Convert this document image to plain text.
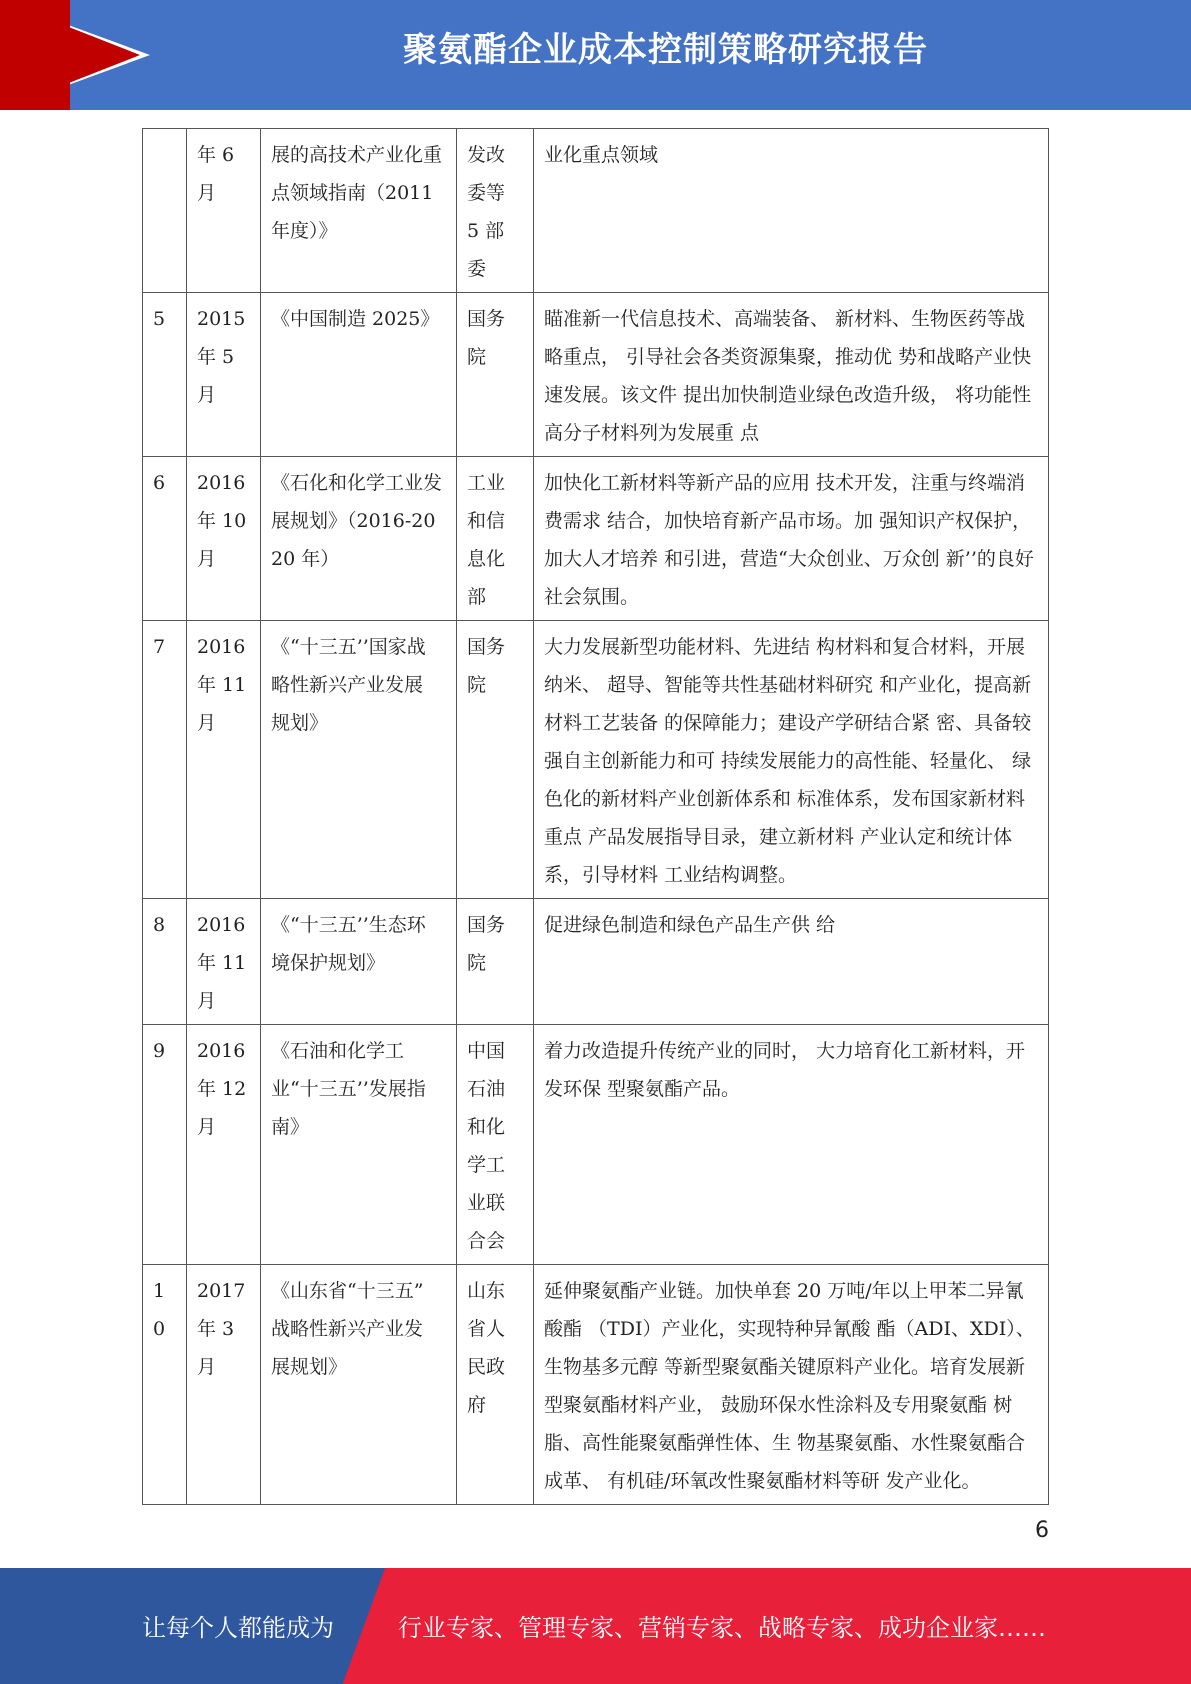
聚氨酯企业成本控制策略研究报告
	年 6 月	展的高技术产业化重点领域指南（2011 年度）》	发改委等 5 部委	业化重点领域
5	2015 年 5 月	《中国制造 2025》	国务院	瞄准新一代信息技术、高端装备、 新材料、生物医药等战略重点， 引导社会各类资源集聚，推动优 势和战略产业快速发展。该文件 提出加快制造业绿色改造升级， 将功能性高分子材料列为发展重 点
6	2016 年 10 月	《石化和化学工业发展规划》（2016-2020 年）	工业和信息化部	加快化工新材料等新产品的应用 技术开发，注重与终端消费需求 结合，加快培育新产品市场。加 强知识产权保护，加大人才培养 和引进，营造“大众创业、万众创 新’’的良好社会氛围。
7	2016 年 11 月	《“十三五’’国家战 略性新兴产业发展 规划》	国务院	大力发展新型功能材料、先进结 构材料和复合材料，开展纳米、 超导、智能等共性基础材料研究 和产业化，提高新材料工艺装备 的保障能力；建设产学研结合紧 密、具备较强自主创新能力和可 持续发展能力的高性能、轻量化、 绿色化的新材料产业创新体系和 标准体系，发布国家新材料重点 产品发展指导目录，建立新材料 产业认定和统计体系，引导材料 工业结构调整。
8	2016 年 11 月	《“十三五’’生态环 境保护规划》	国务院	促进绿色制造和绿色产品生产供 给
9	2016 年 12 月	《石油和化学工业“十三五’’发展指南》	中国石油和化学工业联合会	着力改造提升传统产业的同时， 大力培育化工新材料，开发环保 型聚氨酯产品。
10	2017 年 3 月	《山东省“十三五” 战略性新兴产业发 展规划》	山东省人民政府	延伸聚氨酯产业链。加快单套 20 万吨/年以上甲苯二异氰酸酯 （TDI）产业化，实现特种异氰酸 酯（ADI、XDI）、生物基多元醇 等新型聚氨酯关键原料产业化。培育发展新型聚氨酯材料产业， 鼓励环保水性涂料及专用聚氨酯 树脂、高性能聚氨酯弹性体、生 物基聚氨酯、水性聚氨酯合成革、 有机硅/环氧改性聚氨酯材料等研 发产业化。
6
让每个人都能成为	行业专家、管理专家、营销专家、战略专家、成功企业家……
